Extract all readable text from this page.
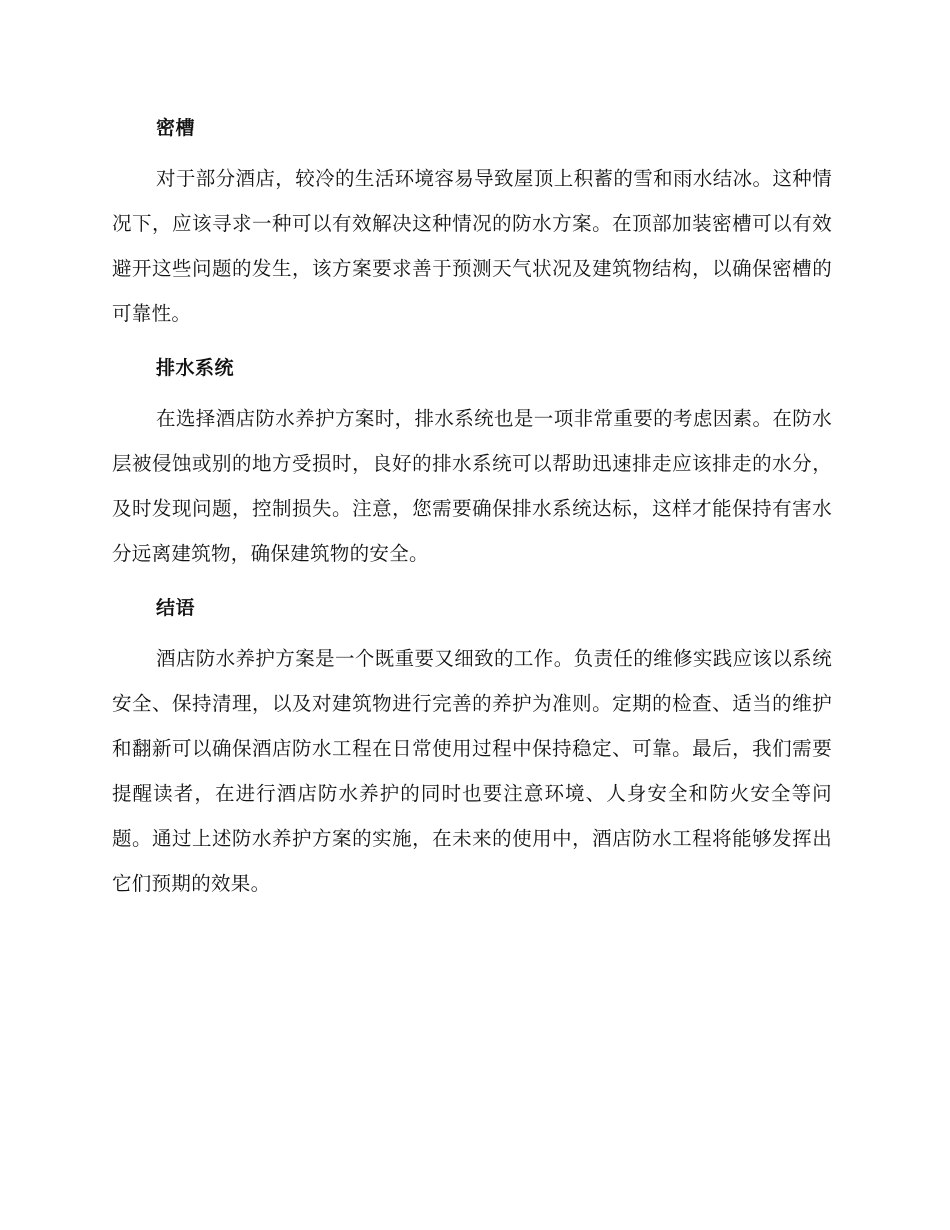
密槽

对于部分酒店，较冷的生活环境容易导致屋顶上积蓄的雪和雨水结冰。这种情况下，应该寻求一种可以有效解决这种情况的防水方案。在顶部加装密槽可以有效避开这些问题的发生，该方案要求善于预测天气状况及建筑物结构，以确保密槽的可靠性。

排水系统

在选择酒店防水养护方案时，排水系统也是一项非常重要的考虑因素。在防水层被侵蚀或别的地方受损时，良好的排水系统可以帮助迅速排走应该排走的水分，及时发现问题，控制损失。注意，您需要确保排水系统达标，这样才能保持有害水分远离建筑物，确保建筑物的安全。

结语

酒店防水养护方案是一个既重要又细致的工作。负责任的维修实践应该以系统安全、保持清理，以及对建筑物进行完善的养护为准则。定期的检查、适当的维护和翻新可以确保酒店防水工程在日常使用过程中保持稳定、可靠。最后，我们需要提醒读者，在进行酒店防水养护的同时也要注意环境、人身安全和防火安全等问题。通过上述防水养护方案的实施，在未来的使用中，酒店防水工程将能够发挥出它们预期的效果。
